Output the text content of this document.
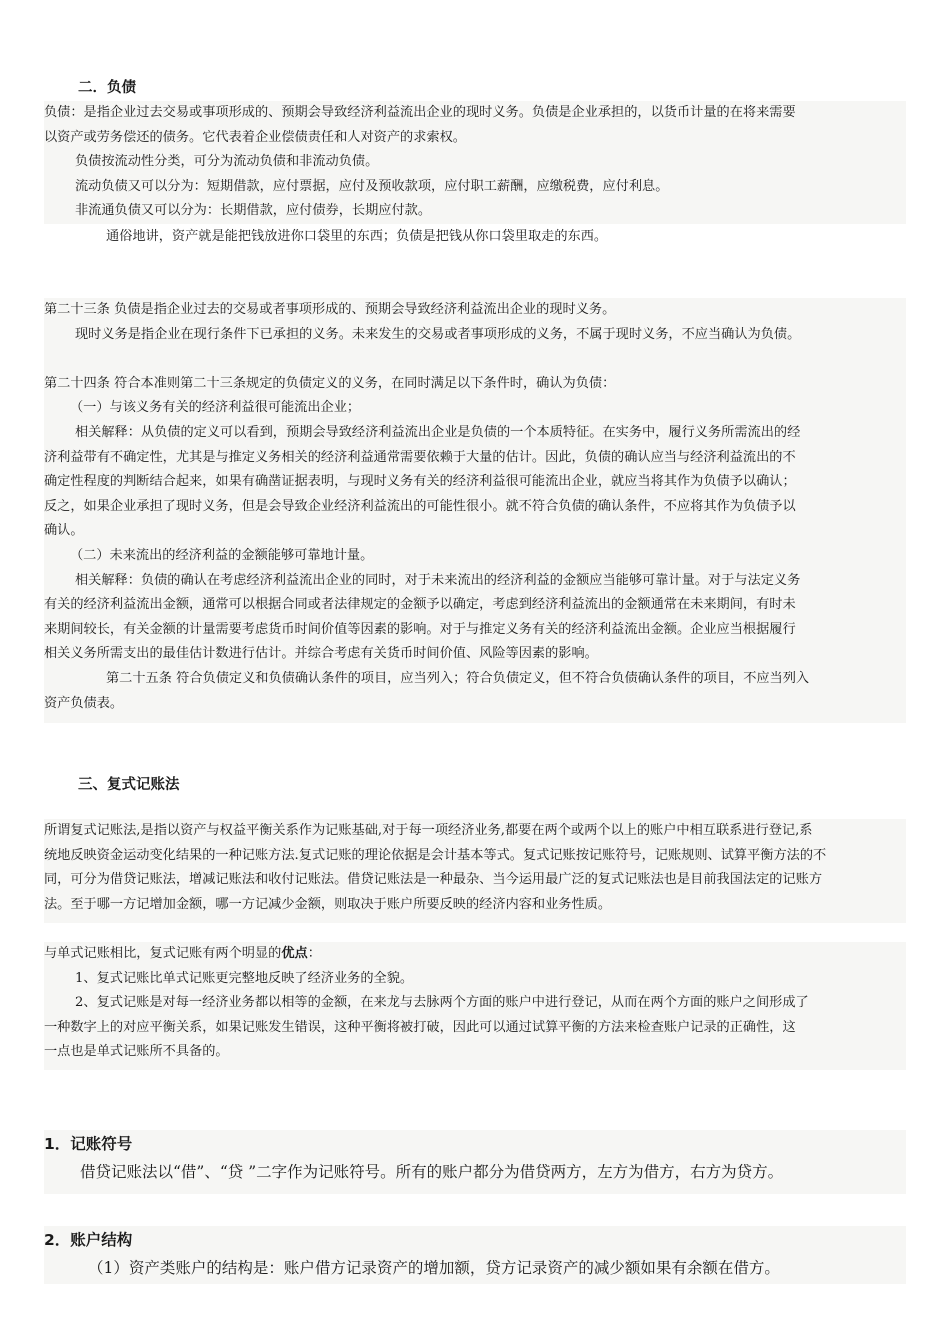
二．负债
负债：是指企业过去交易或事项形成的、预期会导致经济利益流出企业的现时义务。负债是企业承担的，以货币计量的在将来需要
以资产或劳务偿还的债务。它代表着企业偿债责任和人对资产的求索权。
负债按流动性分类，可分为流动负债和非流动负债。
流动负债又可以分为：短期借款，应付票据，应付及预收款项，应付职工薪酬，应缴税费，应付利息。
非流通负债又可以分为：长期借款，应付债券，长期应付款。
通俗地讲，资产就是能把钱放进你口袋里的东西；负债是把钱从你口袋里取走的东西。
第二十三条 负债是指企业过去的交易或者事项形成的、预期会导致经济利益流出企业的现时义务。
现时义务是指企业在现行条件下已承担的义务。未来发生的交易或者事项形成的义务，不属于现时义务，不应当确认为负债。
第二十四条 符合本准则第二十三条规定的负债定义的义务，在同时满足以下条件时，确认为负债：
（一）与该义务有关的经济利益很可能流出企业；
相关解释：从负债的定义可以看到，预期会导致经济利益流出企业是负债的一个本质特征。在实务中，履行义务所需流出的经
济利益带有不确定性，尤其是与推定义务相关的经济利益通常需要依赖于大量的估计。因此，负债的确认应当与经济利益流出的不
确定性程度的判断结合起来，如果有确凿证据表明，与现时义务有关的经济利益很可能流出企业，就应当将其作为负债予以确认；
反之，如果企业承担了现时义务，但是会导致企业经济利益流出的可能性很小。就不符合负债的确认条件，不应将其作为负债予以
确认。
（二）未来流出的经济利益的金额能够可靠地计量。
相关解释：负债的确认在考虑经济利益流出企业的同时，对于未来流出的经济利益的金额应当能够可靠计量。对于与法定义务
有关的经济利益流出金额，通常可以根据合同或者法律规定的金额予以确定，考虑到经济利益流出的金额通常在未来期间，有时未
来期间较长，有关金额的计量需要考虑货币时间价值等因素的影响。对于与推定义务有关的经济利益流出金额。企业应当根据履行
相关义务所需支出的最佳估计数进行估计。并综合考虑有关货币时间价值、风险等因素的影响。
第二十五条 符合负债定义和负债确认条件的项目，应当列入；符合负债定义，但不符合负债确认条件的项目，不应当列入
资产负债表。
三、复式记账法
所谓复式记账法,是指以资产与权益平衡关系作为记账基础,对于每一项经济业务,都要在两个或两个以上的账户中相互联系进行登记,系
统地反映资金运动变化结果的一种记账方法.复式记账的理论依据是会计基本等式。复式记账按记账符号，记账规则、试算平衡方法的不
同，可分为借贷记账法，增减记账法和收付记账法。借贷记账法是一种最杂、当今运用最广泛的复式记账法也是目前我国法定的记账方
法。至于哪一方记增加金额，哪一方记减少金额，则取决于账户所要反映的经济内容和业务性质。
与单式记账相比，复式记账有两个明显的优点：
1、复式记账比单式记账更完整地反映了经济业务的全貌。
2、复式记账是对每一经济业务都以相等的金额，在来龙与去脉两个方面的账户中进行登记，从而在两个方面的账户之间形成了
一种数字上的对应平衡关系，如果记账发生错误，这种平衡将被打破，因此可以通过试算平衡的方法来检查账户记录的正确性，这
一点也是单式记账所不具备的。
1．记账符号
借贷记账法以“借”、“贷 ”二字作为记账符号。所有的账户都分为借贷两方，左方为借方，右方为贷方。
2．账户结构
（1）资产类账户的结构是：账户借方记录资产的增加额，贷方记录资产的减少额如果有余额在借方。
